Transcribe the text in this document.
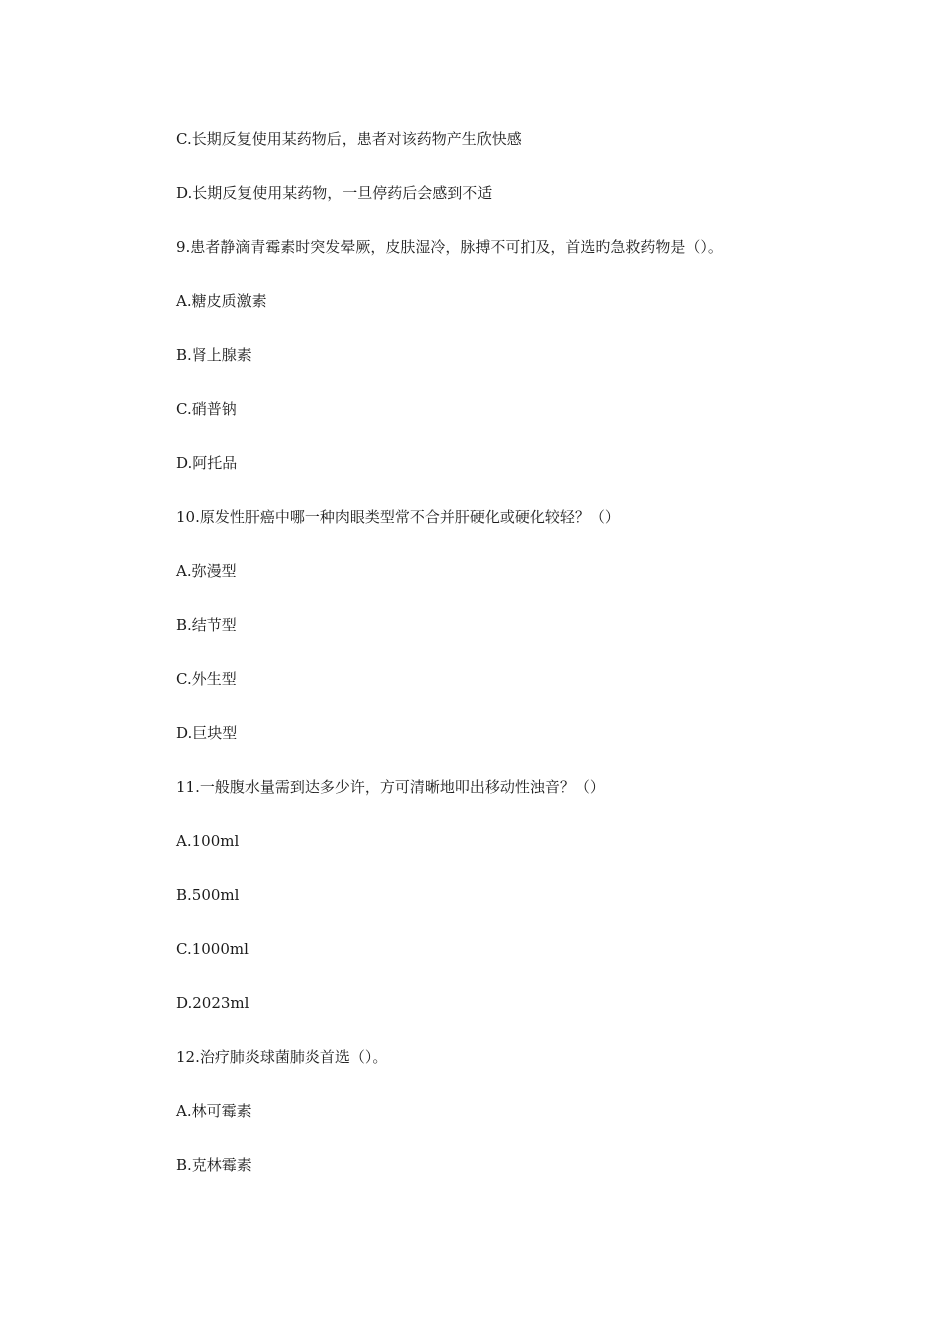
C.长期反复使用某药物后，患者对该药物产生欣快感
D.长期反复使用某药物，一旦停药后会感到不适
9.患者静滴青霉素时突发晕厥，皮肤湿冷，脉搏不可扪及，首选旳急救药物是（）。
A.糖皮质激素
B.肾上腺素
C.硝普钠
D.阿托品
10.原发性肝癌中哪一种肉眼类型常不合并肝硬化或硬化较轻？（）
A.弥漫型
B.结节型
C.外生型
D.巨块型
11.一般腹水量需到达多少许，方可清晰地叩出移动性浊音？（）
A.100ml
B.500ml
C.1000ml
D.2023ml
12.治疗肺炎球菌肺炎首选（）。
A.林可霉素
B.克林霉素
